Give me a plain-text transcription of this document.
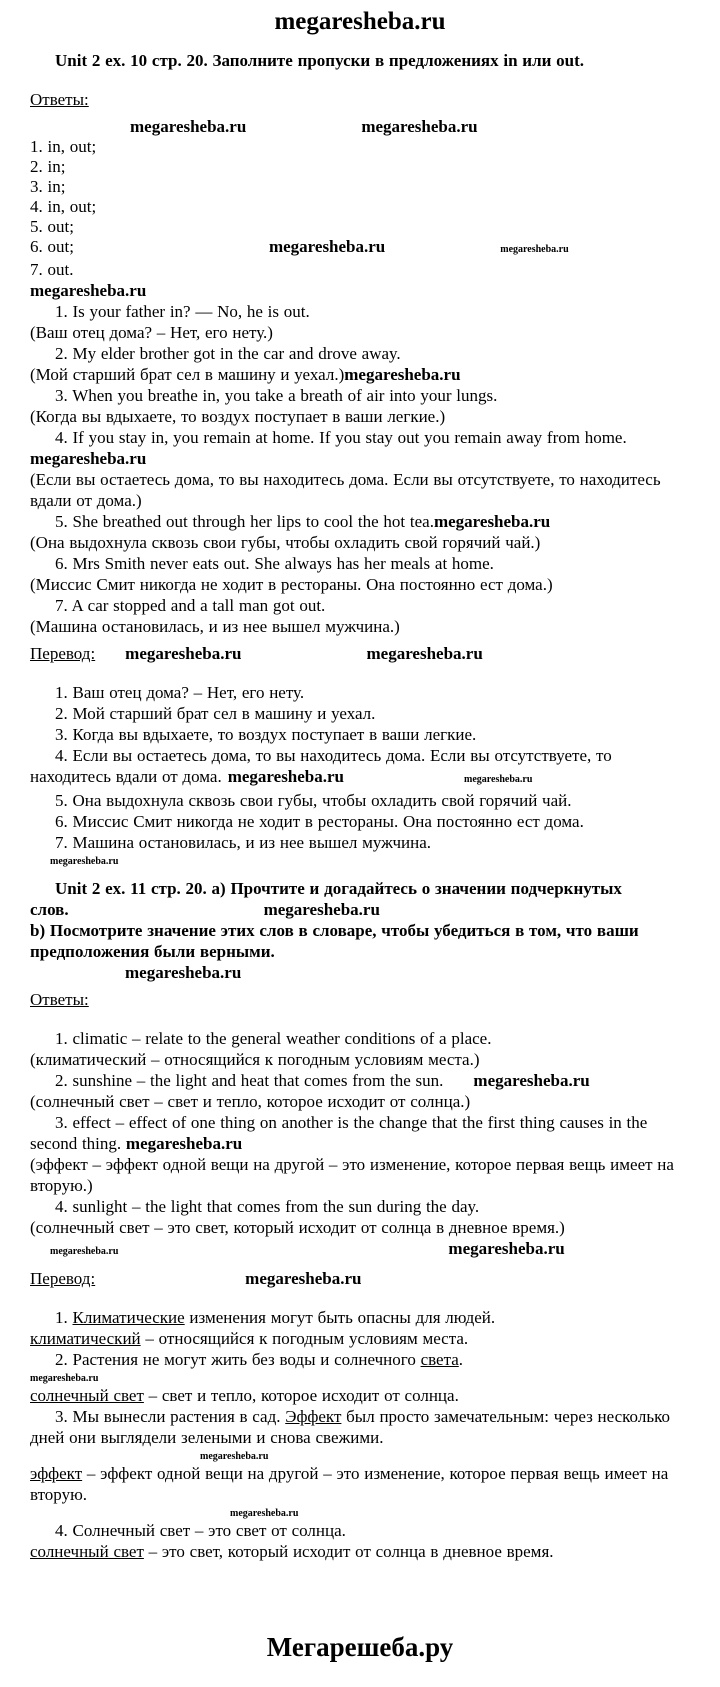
megaresheba.ru

Unit 2 ex. 10 стр. 20. Заполните пропуски в предложениях in или out.

Ответы:

megaresheba.ru	megaresheba.ru

1. in, out;

2. in;

3. in;

4. in, out;

5. out;

6. out;	megaresheba.ru	megaresheba.ru

7. out.

megaresheba.ru

1. Is your father in? — No, he is out.

(Ваш отец дома? – Нет, его нету.)

2. My elder brother got in the car and drove away.

(Мой старший брат сел в машину и уехал.)megaresheba.ru

3. When you breathe in, you take a breath of air into your lungs.

(Когда вы вдыхаете, то воздух поступает в ваши легкие.)

4. If you stay in, you remain at home. If you stay out you remain away from home. megaresheba.ru

(Если вы остаетесь дома, то вы находитесь дома. Если вы отсутствуете, то находитесь вдали от дома.)

5. She breathed out through her lips to cool the hot tea.megaresheba.ru

(Она выдохнула сквозь свои губы, чтобы охладить свой горячий чай.)

6. Mrs Smith never eats out. She always has her meals at home.

(Миссис Смит никогда не ходит в рестораны. Она постоянно ест дома.)

7. A car stopped and a tall man got out.

(Машина остановилась, и из нее вышел мужчина.)

Перевод: megaresheba.ru	megaresheba.ru

1. Ваш отец дома? – Нет, его нету.

2. Мой старший брат сел в машину и уехал.

3. Когда вы вдыхаете, то воздух поступает в ваши легкие.

4. Если вы остаетесь дома, то вы находитесь дома. Если вы отсутствуете, то находитесь вдали от дома. megaresheba.ru	megaresheba.ru

5. Она выдохнула сквозь свои губы, чтобы охладить свой горячий чай.

6. Миссис Смит никогда не ходит в рестораны. Она постоянно ест дома.

7. Машина остановилась, и из нее вышел мужчина.

megaresheba.ru

Unit 2 ex. 11 стр. 20. a) Прочтите и догадайтесь о значении подчеркнутых слов.	megaresheba.ru

b) Посмотрите значение этих слов в словаре, чтобы убедиться в том, что ваши предположения были верными.

megaresheba.ru

Ответы:

1. climatic – relate to the general weather conditions of a place.

(климатический – относящийся к погодным условиям места.)

2. sunshine – the light and heat that comes from the sun. megaresheba.ru

(солнечный свет – свет и тепло, которое исходит от солнца.)

3. effect – effect of one thing on another is the change that the first thing causes in the second thing. megaresheba.ru

(эффект – эффект одной вещи на другой – это изменение, которое первая вещь имеет на вторую.)

4. sunlight – the light that comes from the sun during the day.

(солнечный свет – это свет, который исходит от солнца в дневное время.)

megaresheba.ru	megaresheba.ru

Перевод:	megaresheba.ru

1. Климатические изменения могут быть опасны для людей.

климатический – относящийся к погодным условиям места.

2. Растения не могут жить без воды и солнечного света.

megaresheba.ru

солнечный свет – свет и тепло, которое исходит от солнца.

3. Мы вынесли растения в сад. Эффект был просто замечательным: через несколько дней они выглядели зелеными и снова свежими.

megaresheba.ru

эффект – эффект одной вещи на другой – это изменение, которое первая вещь имеет на вторую.

megaresheba.ru

4. Солнечный свет – это свет от солнца.

солнечный свет – это свет, который исходит от солнца в дневное время.

Мегарешеба.ру
